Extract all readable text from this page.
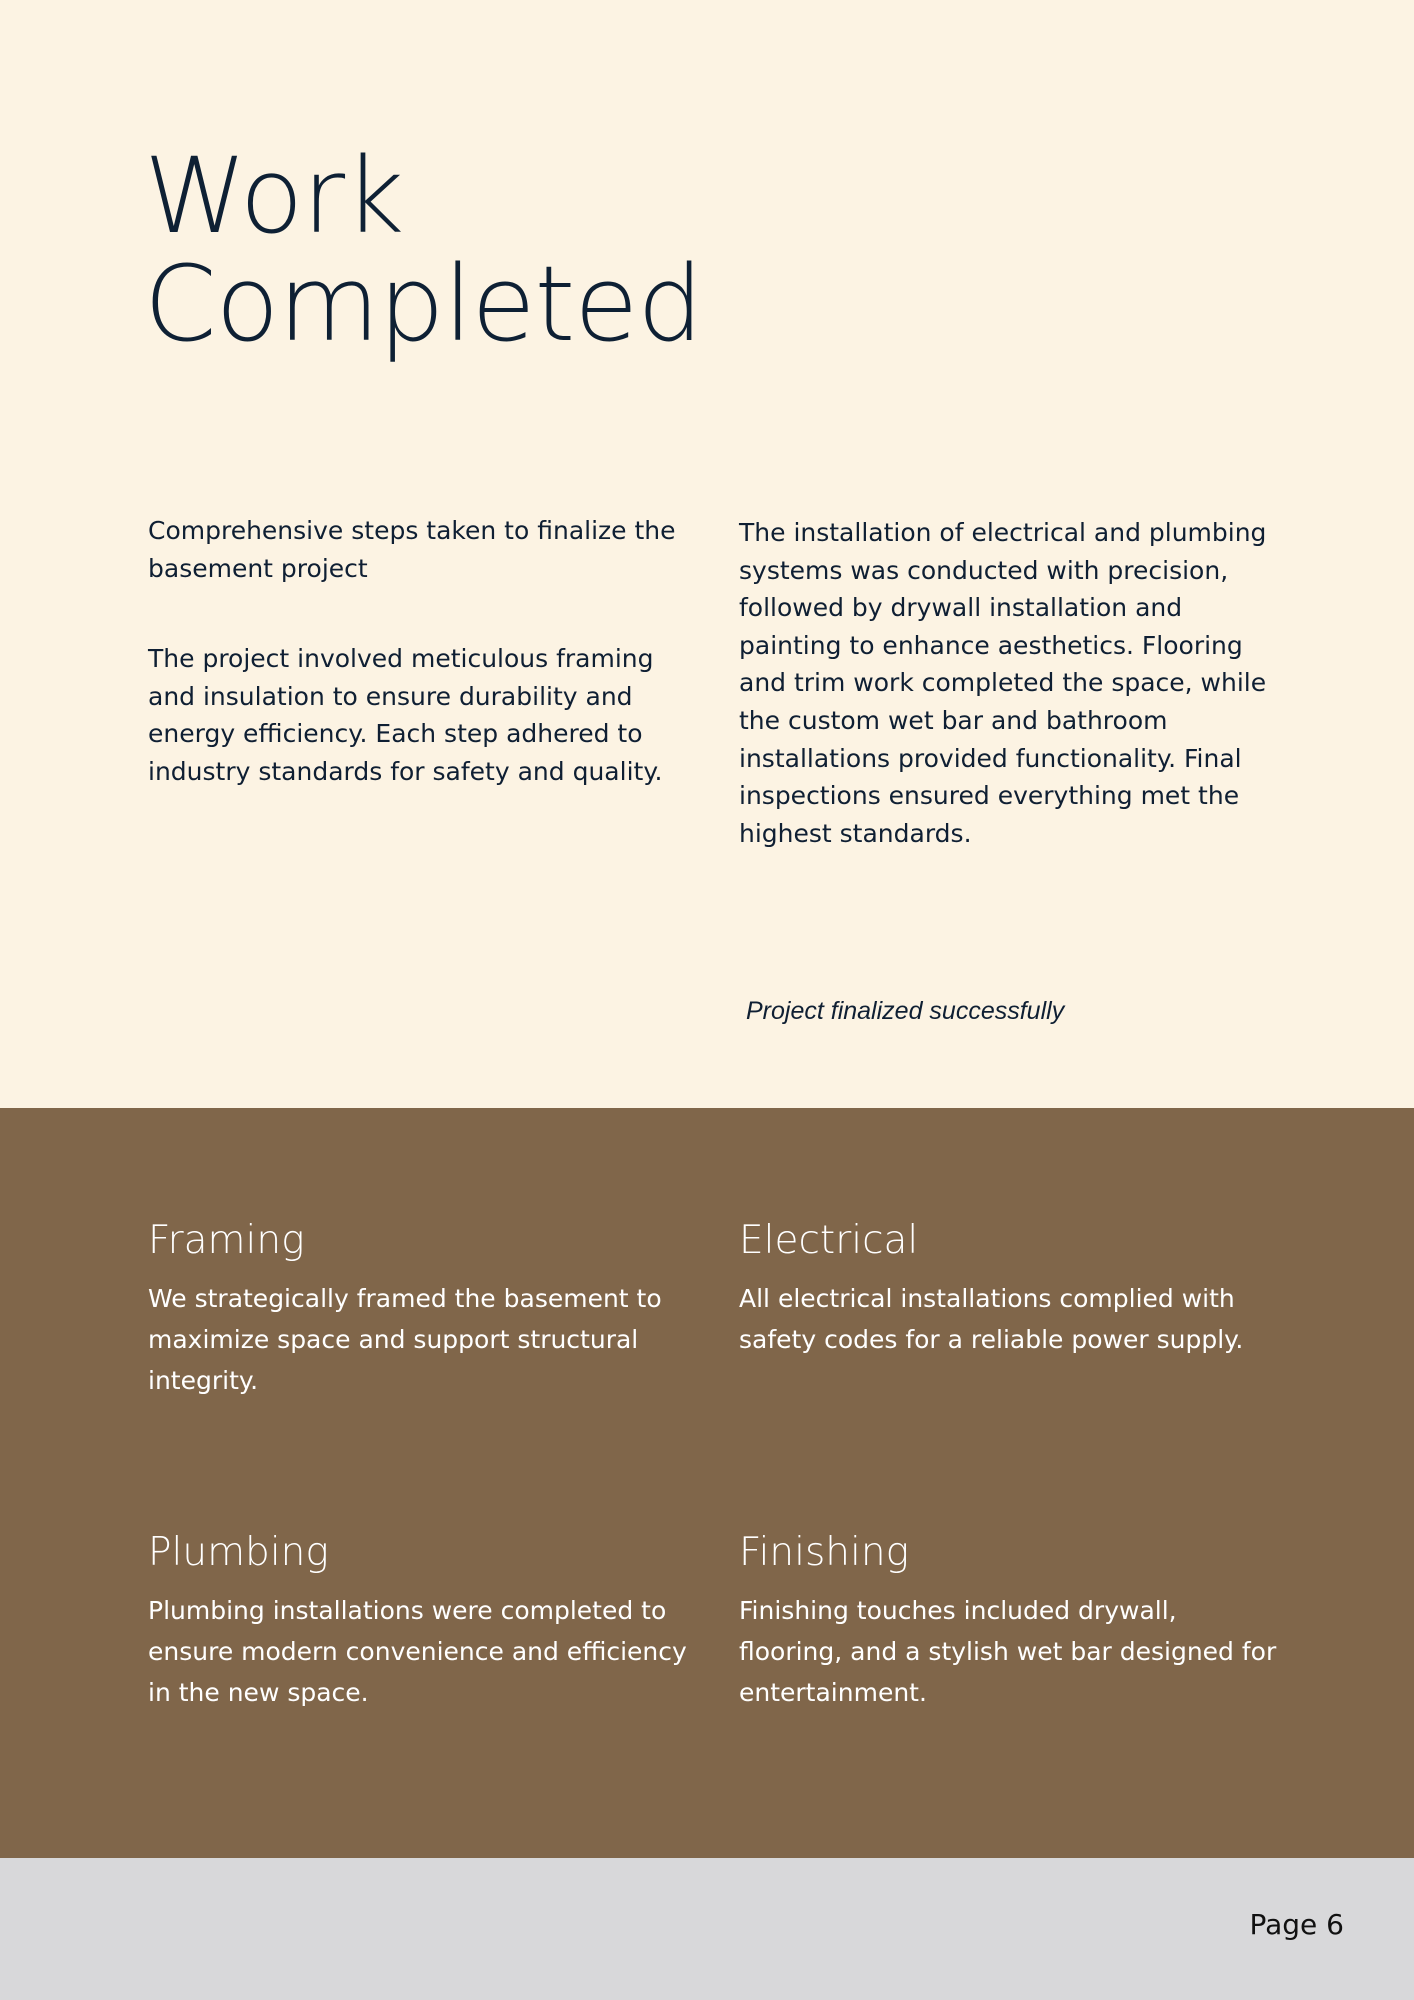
Work
Completed
Comprehensive steps taken to finalize the basement project
The project involved meticulous framing and insulation to ensure durability and energy efficiency. Each step adhered to industry standards for safety and quality.
The installation of electrical and plumbing systems was conducted with precision, followed by drywall installation and painting to enhance aesthetics. Flooring and trim work completed the space, while the custom wet bar and bathroom installations provided functionality. Final inspections ensured everything met the highest standards.
Project finalized successfully
Framing

We strategically framed the basement to maximize space and support structural integrity.

Electrical

All electrical installations complied with safety codes for a reliable power supply.

Plumbing

Plumbing installations were completed to ensure modern convenience and efficiency in the new space.

Finishing

Finishing touches included drywall, flooring, and a stylish wet bar designed for entertainment.

Page 6
